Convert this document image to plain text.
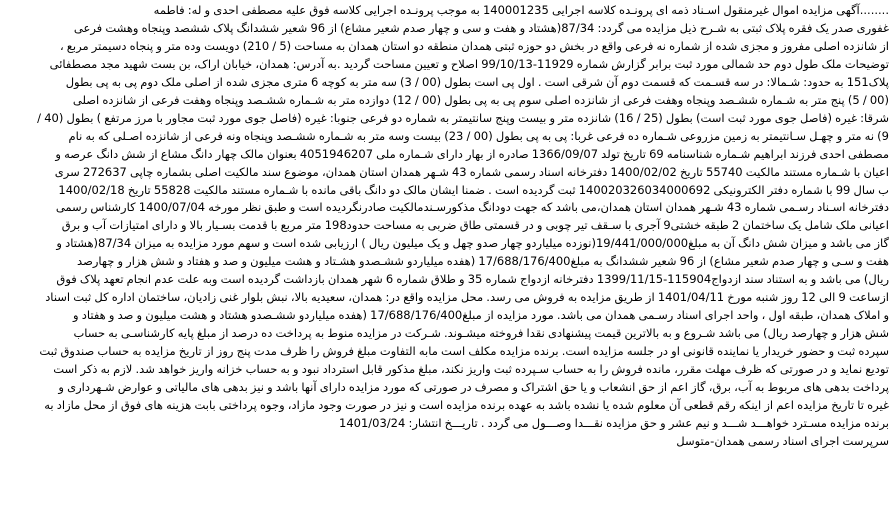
........آگهی مزایده اموال غیرمنقول اسـناد ذمه ای پرونـده کلاسه اجرایی 140001235 به موجب پرونـده اجرایی کلاسه فوق علیه مصطفی احدی و له: فاطمه
غفوری صدر یک فقره پلاک ثبتی به شـرح ذیل مزایده می گردد: 87/34(هشتاد و هفت و سی و چهار صدم شعیر مشاع) از 96 شعیر ششدانگ پلاک ششصد وپنجاه وهشت فرعی
از شانزده اصلی مفروز و مجزی شده از شماره نه فرعی واقع در بخش دو حوزه ثبتی همدان منطقه دو استان همدان به مساحت (5 / 210) دویست وده متر و پنجاه دسیمتر مربع ،
توضیحات ملک طول دوم حد شمالی مورد ثبت برابر گزارش شماره 11929-99/10/13 اصلاح و تعیین مساحت گردید .به آدرس: همدان، خیابان اراک، بن بست شهید مجد مصطفائی
پلاک151 به حدود: شـمالا: در سه قسـمت که قسمت دوم آن شرقی است . اول پی است بطول (00 / 3) سه متر به کوچه 6 متری مجزی شده از اصلی ملک دوم پی به پی بطول
(00 / 5) پنج متر به شـماره ششـصد وپنجاه وهفت فرعی از شانزده اصلی سوم پی به پی بطول (00 / 12) دوازده متر به شـماره ششـصد وپنجاه وهفت فرعی از شانزده اصلی
شرقا: غیره (فاصل جوی مورد ثبت است) بطول (25 / 16) شانزده متر و بیست وپنج سانتیمتر به شماره دو فرعی جنوبا: غیره (فاصل جوی مورد ثبت مجاور با مرز مرتفع ) بطول (40 /
9) نه متر و چهـل سـانتیمتر به زمین مزروعی شـماره ده فرعی غربا: پی به پی بطول (00 / 23) بیست وسه متر به شـماره ششـصد وپنجاه ونه فرعی از شانزده اصـلی که به نام
مصطفی احدی فرزند ابراهیم شـماره شناسنامه 69 تاریخ تولد 1366/09/07 صادره از بهار دارای شـماره ملی 4051946207 بعنوان مالک چهار دانگ مشاع از شش دانگ عرصه و
اعیان با شـماره مستند مالکیت 55740 تاریخ 1400/02/02 دفترخانه اسناد رسمی شماره 43 شـهر همدان استان همدان، موضوع سند مالکیت اصلی بشماره چاپی 272637 سری
ب سال 99 با شماره دفتر الکترونیکی 140020326034000692 ثبت گردیده است . ضمنا ایشان مالک دو دانگ باقی مانده با شـماره مستند مالکیت 55828 تاریخ 1400/02/18
دفترخانه اسـناد رسـمی شماره 43 شـهر همدان استان همدان،می باشد که جهت دودانگ مذکورسـندمالکیت صادرنگردیده است و طبق نظر مورخه 1400/07/04 کارشناس رسمی
اعیانی ملک شامل یک ساختمان 2 طبقه خشتی9 آجری با سـقف تیر چوبی و در قسمتی طاق ضربی به مساحت حدود198 متر مربع با قدمت بسـیار بالا و دارای امتیازات آب و برق
گاز می باشد و میزان شش دانگ آن به مبلغ19/441/000/000(نوزده میلیاردو چهار صدو چهل و یک میلیون ریال ) ارزیابی شده است و سهم مورد مزایده به میزان 87/34(هشتاد و
هفت و سـی و چهار صدم شعیر مشاع) از 96 شعیر ششدانگ به مبلغ17/688/176/400 (هفده میلیاردو ششـصدو هشـتاد و هشت میلیون و صد و هفتاد و شش هزار و چهارصد
ریال) می باشد و به استناد سند ازدواج115904-1399/11/15 دفترخانه ازدواج شماره 35 و طلاق شماره 6 شهر همدان بازداشت گردیده است وبه علت عدم انجام تعهد پلاک فوق
ازساعت 9 الی 12 روز شنبه مورخ 1401/04/11 از طریق مزایده به فروش می رسد. محل مزایده واقع در: همدان، سعیدیه بالا، نبش بلوار غنی زادیان، ساختمان اداره کل ثبت اسناد
و املاک همدان، طبقه اول ، واحد اجرای اسناد رسـمی همدان می باشد. مورد مزایده از مبلغ17/688/176/400 (هفده میلیاردو ششـصدو هشتاد و هشت میلیون و صد و هفتاد و
شش هزار و چهارصد ریال) می باشد شـروع و به بالاترین قیمت پیشنهادی نقدا فروخته میشـوند. شـرکت در مزایده منوط به پرداخت ده درصد از مبلغ پایه کارشناسـی به حساب
سپرده ثبت و حضور خریدار یا نماینده قانونی او در جلسه مزایده است. برنده مزایده مکلف است مابه التفاوت مبلغ فروش را ظرف مدت پنج روز از تاریخ مزایده به حساب صندوق ثبت
تودیع نماید و در صورتی که ظرف مهلت مقرر، مانده فروش را به حساب سـپرده ثبت واریز نکند، مبلغ مذکور قابل استرداد نبود و به حساب خزانه واریز خواهد شد. لازم به ذکر است
پرداخت بدهی های مربوط به آب، برق، گاز اعم از حق انشعاب و یا حق اشتراک و مصرف در صورتی که مورد مزایده دارای آنها باشد و نیز بدهی های مالیاتی و عوارض شـهرداری و
غیره تا تاریخ مزایده اعم از اینکه رقم قطعی آن معلوم شده یا نشده باشد به عهده برنده مزایده است و نیز در صورت وجود مازاد، وجوه پرداختی بابت هزینه های فوق از محل مازاد به
برنده مزایده مسـترد خواهـــد شـــد و نیم عشر و حق مزایده نقـــدا وصـــول می گردد . تاریـــخ انتشار: 1401/03/24
سرپرست اجرای اسناد رسمی همدان-متوسل
